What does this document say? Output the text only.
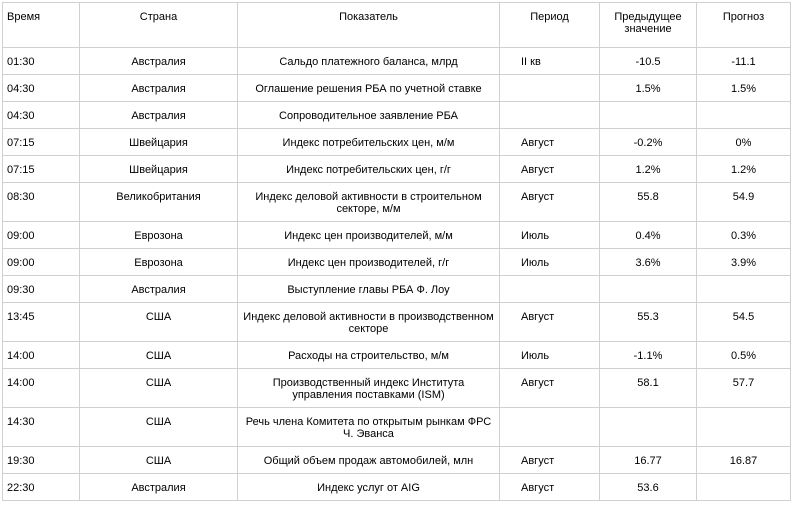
Время	Страна	Показатель	Период	Предыдущее значение	Прогноз
01:30	Австралия	Сальдо платежного баланса, млрд	II кв	-10.5	-11.1
04:30	Австралия	Оглашение решения РБА по учетной ставке		1.5%	1.5%
04:30	Австралия	Сопроводительное заявление РБА			
07:15	Швейцария	Индекс потребительских цен, м/м	Август	-0.2%	0%
07:15	Швейцария	Индекс потребительских цен, г/г	Август	1.2%	1.2%
08:30	Великобритания	Индекс деловой активности в строительном секторе, м/м	Август	55.8	54.9
09:00	Еврозона	Индекс цен производителей, м/м	Июль	0.4%	0.3%
09:00	Еврозона	Индекс цен производителей, г/г	Июль	3.6%	3.9%
09:30	Австралия	Выступление главы РБА Ф. Лоу			
13:45	США	Индекс деловой активности в производственном секторе	Август	55.3	54.5
14:00	США	Расходы на строительство, м/м	Июль	-1.1%	0.5%
14:00	США	Производственный индекс Института управления поставками (ISM)	Август	58.1	57.7
14:30	США	Речь члена Комитета по открытым рынкам ФРС Ч. Эванса			
19:30	США	Общий объем продаж автомобилей, млн	Август	16.77	16.87
22:30	Австралия	Индекс услуг от AIG	Август	53.6	
